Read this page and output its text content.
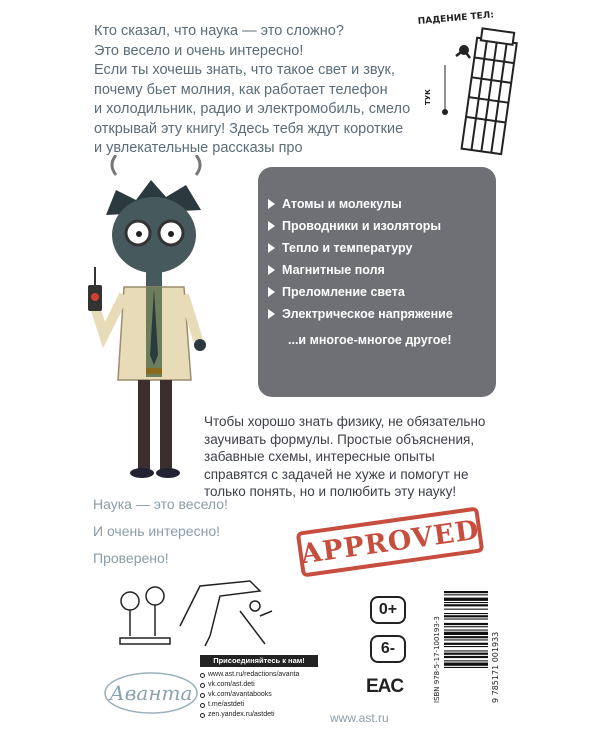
Кто сказал, что наука — это сложно?

Это весело и очень интересно!

Если ты хочешь знать, что такое свет и звук,

почему бьет молния, как работает телефон

и холодильник, радио и электромобиль, смело

открывай эту книгу! Здесь тебя ждут короткие

и увлекательные рассказы про

ПАДЕНИЕ ТЕЛ:
ТУК
Атомы и молекулы
Проводники и изоляторы
Тепло и температуру
Магнитные поля
Преломление света
Электрическое напряжение
...и многое-многое другое!
Чтобы хорошо знать физику, не обязательно заучивать формулы. Простые объяснения, забавные схемы, интересные опыты справятся с задачей не хуже и помогут не только понять, но и полюбить эту науку!
Наука — это весело!
И очень интересно!
Проверено!	APPROVED
0+
6-
EAC	ISBN 978-5-17-100193-3	9 785171 001933
Присоединяйтесь к нам!
www.ast.ru/redactions/avanta
vk.com/ast.deti
vk.com/avantabooks
t.me/astdeti
zen.yandex.ru/astdeti
Аванта
www.ast.ru
